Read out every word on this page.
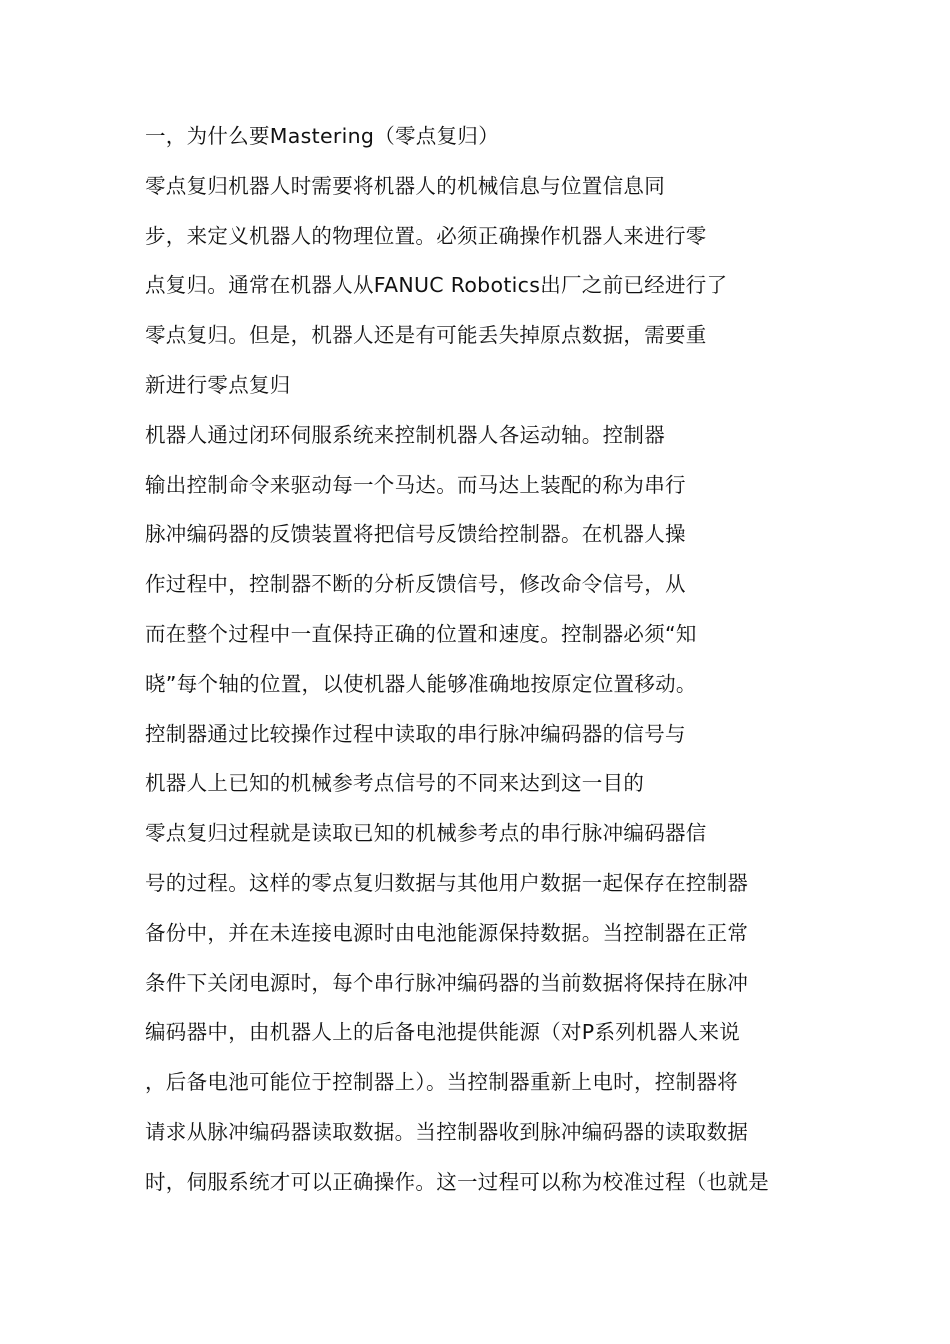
一，为什么要Mastering（零点复归）
零点复归机器人时需要将机器人的机械信息与位置信息同
步，来定义机器人的物理位置。必须正确操作机器人来进行零
点复归。通常在机器人从FANUC Robotics出厂之前已经进行了
零点复归。但是，机器人还是有可能丢失掉原点数据，需要重
新进行零点复归
机器人通过闭环伺服系统来控制机器人各运动轴。控制器
输出控制命令来驱动每一个马达。而马达上装配的称为串行
脉冲编码器的反馈装置将把信号反馈给控制器。在机器人操
作过程中，控制器不断的分析反馈信号，修改命令信号，从
而在整个过程中一直保持正确的位置和速度。控制器必须“知
晓”每个轴的位置，以使机器人能够准确地按原定位置移动。
控制器通过比较操作过程中读取的串行脉冲编码器的信号与
机器人上已知的机械参考点信号的不同来达到这一目的
零点复归过程就是读取已知的机械参考点的串行脉冲编码器信
号的过程。这样的零点复归数据与其他用户数据一起保存在控制器
备份中，并在未连接电源时由电池能源保持数据。当控制器在正常
条件下关闭电源时，每个串行脉冲编码器的当前数据将保持在脉冲
编码器中，由机器人上的后备电池提供能源（对P系列机器人来说
，后备电池可能位于控制器上）。当控制器重新上电时，控制器将
请求从脉冲编码器读取数据。当控制器收到脉冲编码器的读取数据
时，伺服系统才可以正确操作。这一过程可以称为校准过程（也就是
